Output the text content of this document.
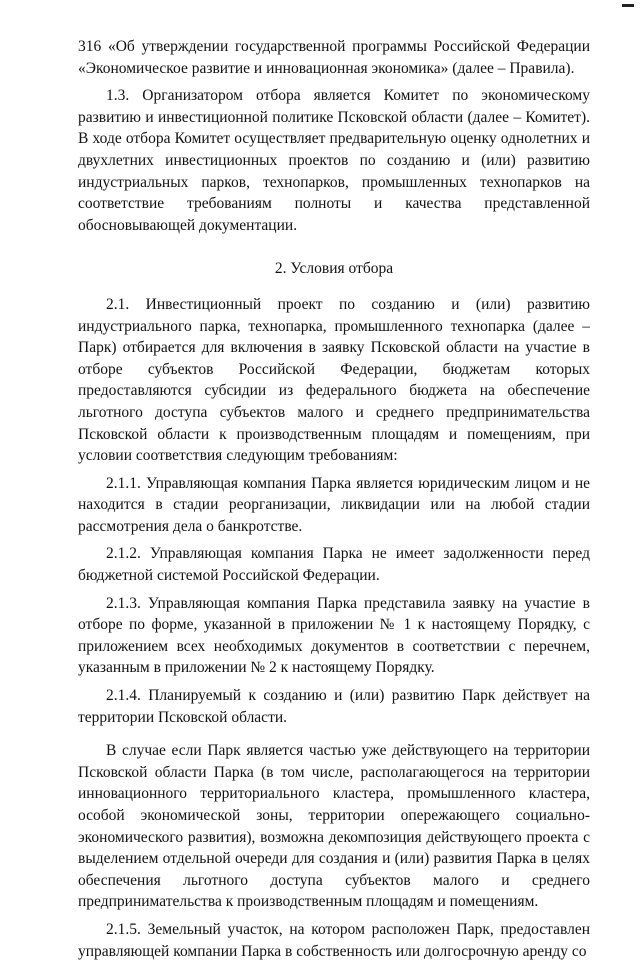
316 «Об утверждении государственной программы Российской Федерации «Экономическое развитие и инновационная экономика» (далее – Правила).

1.3. Организатором отбора является Комитет по экономическому развитию и инвестиционной политике Псковской области (далее – Комитет). В ходе отбора Комитет осуществляет предварительную оценку однолетних и двухлетних инвестиционных проектов по созданию и (или) развитию индустриальных парков, технопарков, промышленных технопарков на соответствие требованиям полноты и качества представленной обосновывающей документации.

2. Условия отбора

2.1. Инвестиционный проект по созданию и (или) развитию индустриального парка, технопарка, промышленного технопарка (далее – Парк) отбирается для включения в заявку Псковской области на участие в отборе субъектов Российской Федерации, бюджетам которых предоставляются субсидии из федерального бюджета на обеспечение льготного доступа субъектов малого и среднего предпринимательства Псковской области к производственным площадям и помещениям, при условии соответствия следующим требованиям:

2.1.1. Управляющая компания Парка является юридическим лицом и не находится в стадии реорганизации, ликвидации или на любой стадии рассмотрения дела о банкротстве.

2.1.2. Управляющая компания Парка не имеет задолженности перед бюджетной системой Российской Федерации.

2.1.3. Управляющая компания Парка представила заявку на участие в отборе по форме, указанной в приложении № 1 к настоящему Порядку, с приложением всех необходимых документов в соответствии с перечнем, указанным в приложении № 2 к настоящему Порядку.

2.1.4. Планируемый к созданию и (или) развитию Парк действует на территории Псковской области.

В случае если Парк является частью уже действующего на территории Псковской области Парка (в том числе, располагающегося на территории инновационного территориального кластера, промышленного кластера, особой экономической зоны, территории опережающего социально-экономического развития), возможна декомпозиция действующего проекта с выделением отдельной очереди для создания и (или) развития Парка в целях обеспечения льготного доступа субъектов малого и среднего предпринимательства к производственным площадям и помещениям.

2.1.5. Земельный участок, на котором расположен Парк, предоставлен управляющей компании Парка в собственность или долгосрочную аренду со
